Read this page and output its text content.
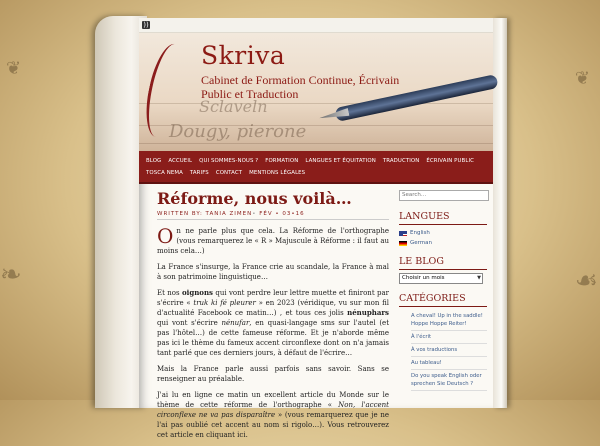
❦
❧
❦
☙
))
Sclaveln
Dougy, pierone
Skriva
Cabinet de Formation Continue, Écrivain Public et Traduction
BLOG	ACCUEIL	QUI SOMMES-NOUS ?	FORMATION	LANGUES ET ÉQUITATION	TRADUCTION	ÉCRIVAIN PUBLIC
TOSCA NEMA	TARIFS	CONTACT	MENTIONS LÉGALES
Réforme, nous voilà…
WRITTEN BY: TANIA ZIMEN• FÉV • 03•16

On ne parle plus que cela. La Réforme de l'orthographe (vous remarquerez le « R » Majuscule à Réforme : il faut au moins cela…)

La France s'insurge, la France crie au scandale, la France à mal à son patrimoine linguistique…

Et nos oignons qui vont perdre leur lettre muette et finiront par s'écrire « truk ki fé pleurer » en 2023 (véridique, vu sur mon fil d'actualité Facebook ce matin…) , et tous ces jolis nénuphars qui vont s'écrire nénufar, en quasi-langage sms sur l'autel (et pas l'hôtel…) de cette fameuse réforme. Et je n'aborde même pas ici le thème du fameux accent circonflexe dont on n'a jamais tant parlé que ces derniers jours, à défaut de l'écrire…

Mais la France parle aussi parfois sans savoir. Sans se renseigner au préalable.

J'ai lu en ligne ce matin un excellent article du Monde sur le thème de cette réforme de l'orthographe « Non, l'accent circonflexe ne va pas disparaître » (vous remarquerez que je ne l'ai pas oublié cet accent au nom si rigolo…). Vous retrouverez cet article en cliquant ici.

Search…
LANGUES
English
German
LE BLOG
Choisir un mois	▼
CATÉGORIES
A cheval! Up in the saddle! Hoppe Hoppe Reiter!
À l'écrit
À vos traductions
Au tableau!
Do you speak English oder sprechen Sie Deutsch ?
